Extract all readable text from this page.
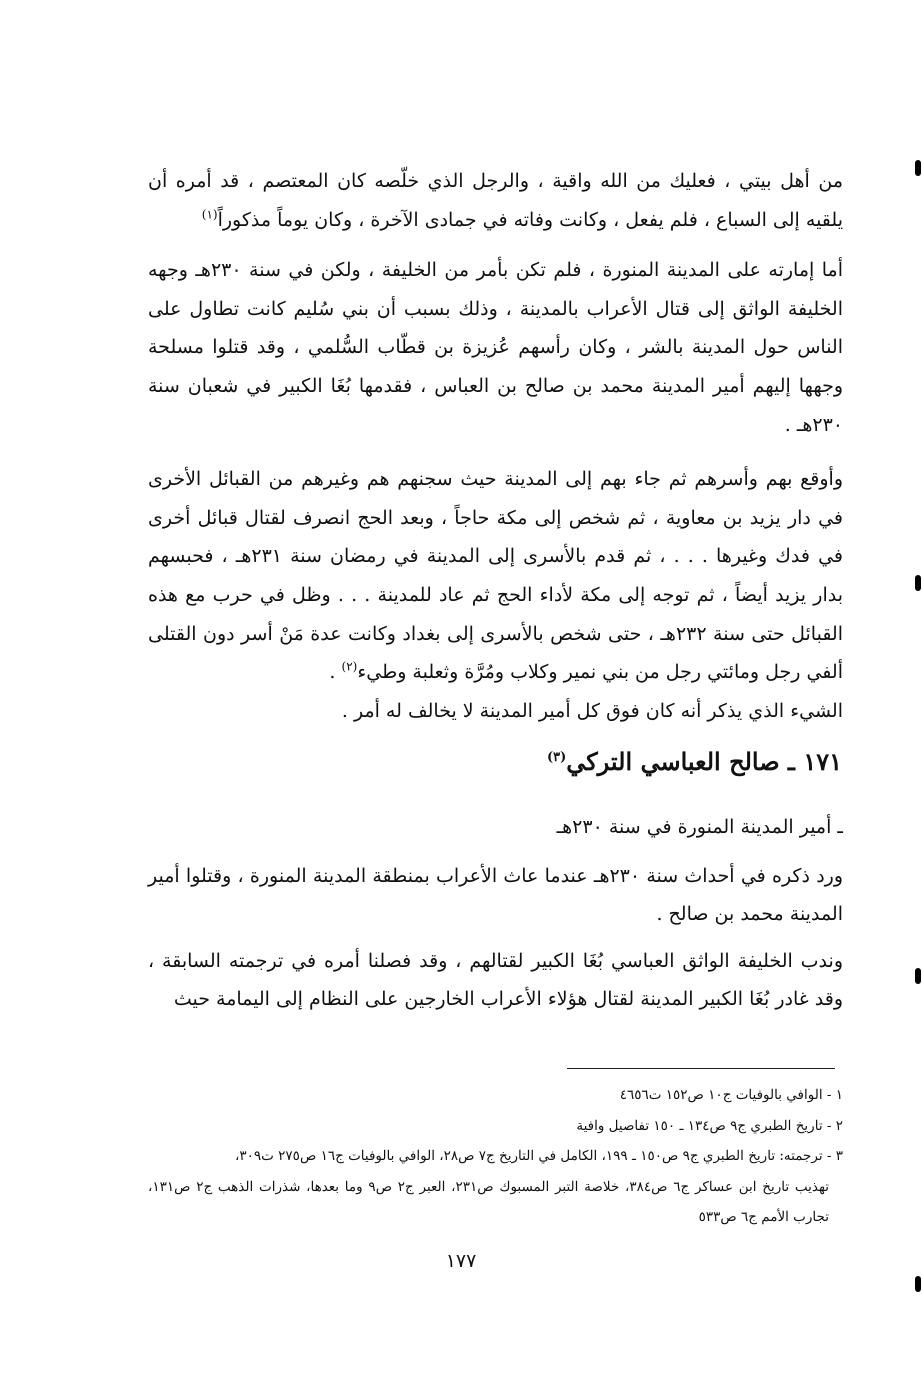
من أهل بيتي ، فعليك من الله واقية ، والرجل الذي خلّصه كان المعتصم ، قد أمره أن يلقيه إلى السباع ، فلم يفعل ، وكانت وفاته في جمادى الآخرة ، وكان يوماً مذكوراً$^{(١)}$

أما إمارته على المدينة المنورة ، فلم تكن بأمر من الخليفة ، ولكن في سنة ٢٣٠هـ وجهه الخليفة الواثق إلى قتال الأعراب بالمدينة ، وذلك بسبب أن بني سُليم كانت تطاول على الناس حول المدينة بالشر ، وكان رأسهم عُزيزة بن قطّاب السُّلمي ، وقد قتلوا مسلحة وجهها إليهم أمير المدينة محمد بن صالح بن العباس ، فقدمها بُغَا الكبير في شعبان سنة ٢٣٠هـ .

وأوقع بهم وأسرهم ثم جاء بهم إلى المدينة حيث سجنهم هم وغيرهم من القبائل الأخرى في دار يزيد بن معاوية ، ثم شخص إلى مكة حاجاً ، وبعد الحج انصرف لقتال قبائل أخرى في فدك وغيرها . . . ، ثم قدم بالأسرى إلى المدينة في رمضان سنة ٢٣١هـ ، فحبسهم بدار يزيد أيضاً ، ثم توجه إلى مكة لأداء الحج ثم عاد للمدينة . . . وظل في حرب مع هذه القبائل حتى سنة ٢٣٢هـ ، حتى شخص بالأسرى إلى بغداد وكانت عدة مَنْ أسر دون القتلى ألفي رجل ومائتي رجل من بني نمير وكلاب ومُرَّة وثعلبة وطيء$^{(٢)}$ .

الشيء الذي يذكر أنه كان فوق كل أمير المدينة لا يخالف له أمر .

١٧١ ـ صالح العباسي التركي$^{(٣)}$

ـ أمير المدينة المنورة في سنة ٢٣٠هـ

ورد ذكره في أحداث سنة ٢٣٠هـ عندما عاث الأعراب بمنطقة المدينة المنورة ، وقتلوا أمير المدينة محمد بن صالح .

وندب الخليفة الواثق العباسي بُغَا الكبير لقتالهم ، وقد فصلنا أمره في ترجمته السابقة ، وقد غادر بُغَا الكبير المدينة لقتال هؤلاء الأعراب الخارجين على النظام إلى اليمامة حيث

١ - الوافي بالوفيات ج١٠ ص١٥٢ ت٤٦٥٦

٢ - تاريخ الطبري ج٩ ص١٣٤ ـ ١٥٠ تفاصيل وافية

٣ - ترجمته: تاريخ الطبري ج٩ ص١٥٠ ـ ١٩٩، الكامل في التاريخ ج٧ ص٢٨، الوافي بالوفيات ج١٦ ص٢٧٥ ت٣٠٩،

تهذيب تاريخ ابن عساكر ج٦ ص٣٨٤، خلاصة التبر المسبوك ص٢٣١، العبر ج٢ ص٩ وما بعدها، شذرات الذهب ج٢ ص١٣١، تجارب الأمم ج٦ ص٥٣٣

١٧٧
